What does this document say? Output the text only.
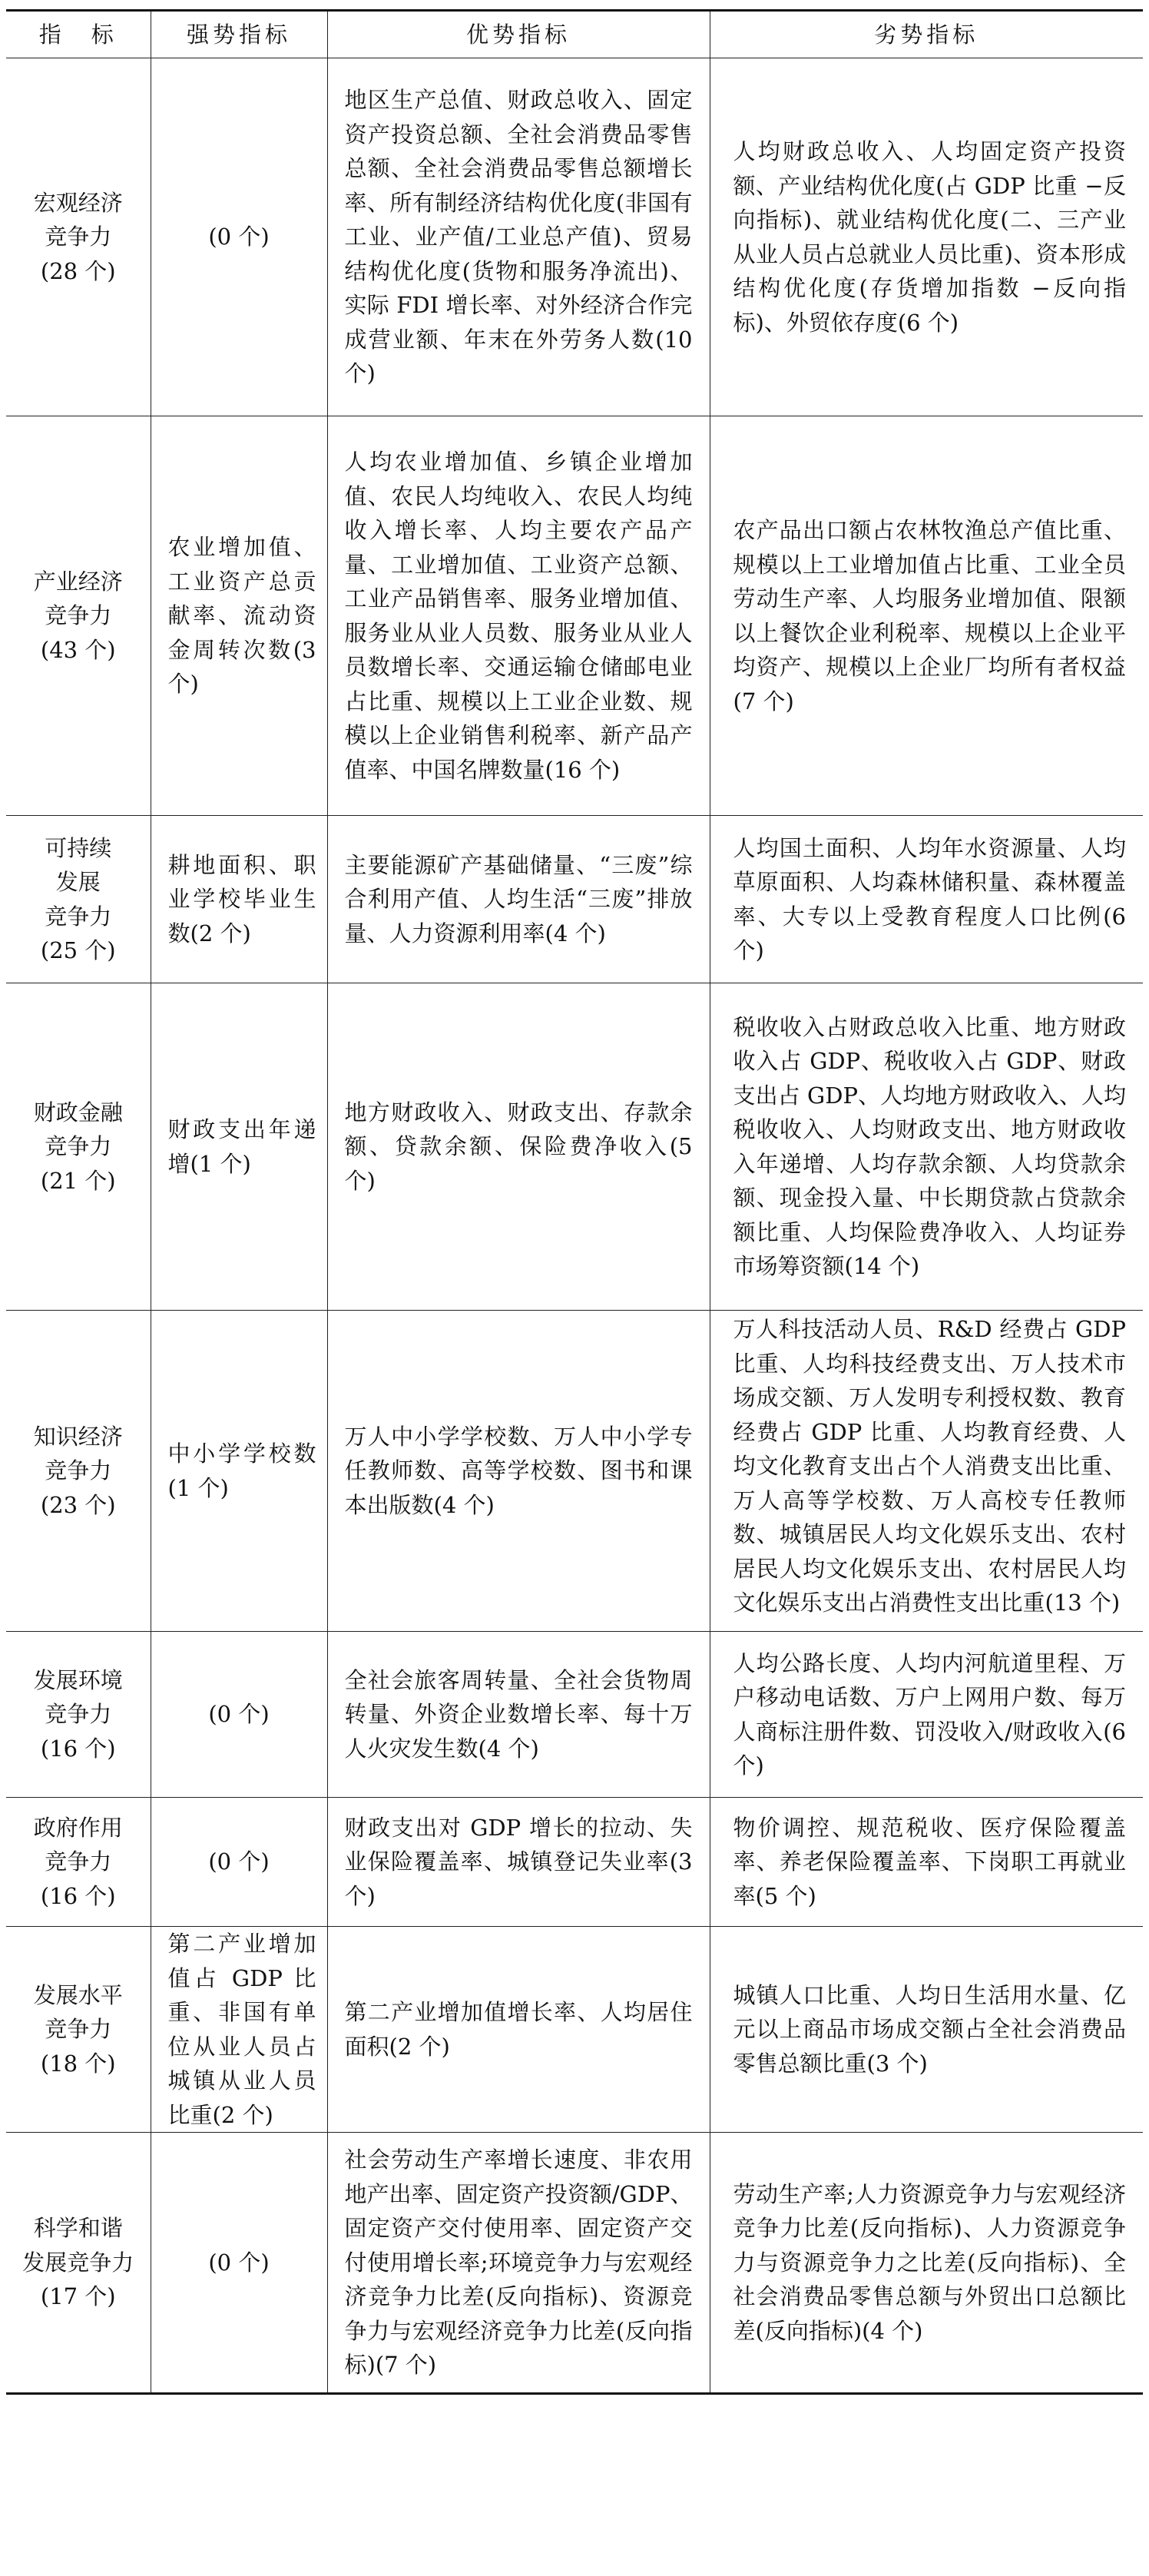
指　标	强势指标	优势指标	劣势指标

宏观经济
竞争力
(28 个)	(0 个)	地区生产总值、财政总收入、固定资产投资总额、全社会消费品零售总额、全社会消费品零售总额增长率、所有制经济结构优化度(非国有工业、业产值/工业总产值)、贸易结构优化度(货物和服务净流出)、实际 FDI 增长率、对外经济合作完成营业额、年末在外劳务人数(10 个)	人均财政总收入、人均固定资产投资额、产业结构优化度(占 GDP 比重 −反向指标)、就业结构优化度(二、三产业从业人员占总就业人员比重)、资本形成结构优化度(存货增加指数 −反向指标)、外贸依存度(6 个)

产业经济
竞争力
(43 个)	农业增加值、工业资产总贡献率、流动资金周转次数(3 个)	人均农业增加值、乡镇企业增加值、农民人均纯收入、农民人均纯收入增长率、人均主要农产品产量、工业增加值、工业资产总额、工业产品销售率、服务业增加值、服务业从业人员数、服务业从业人员数增长率、交通运输仓储邮电业占比重、规模以上工业企业数、规模以上企业销售利税率、新产品产值率、中国名牌数量(16 个)	农产品出口额占农林牧渔总产值比重、规模以上工业增加值占比重、工业全员劳动生产率、人均服务业增加值、限额以上餐饮企业利税率、规模以上企业平均资产、规模以上企业厂均所有者权益(7 个)

可持续
发展
竞争力
(25 个)	耕地面积、职业学校毕业生数(2 个)	主要能源矿产基础储量、“三废”综合利用产值、人均生活“三废”排放量、人力资源利用率(4 个)	人均国土面积、人均年水资源量、人均草原面积、人均森林储积量、森林覆盖率、大专以上受教育程度人口比例(6 个)

财政金融
竞争力
(21 个)	财政支出年递增(1 个)	地方财政收入、财政支出、存款余额、贷款余额、保险费净收入(5 个)	税收收入占财政总收入比重、地方财政收入占 GDP、税收收入占 GDP、财政支出占 GDP、人均地方财政收入、人均税收收入、人均财政支出、地方财政收入年递增、人均存款余额、人均贷款余额、现金投入量、中长期贷款占贷款余额比重、人均保险费净收入、人均证券市场筹资额(14 个)

知识经济
竞争力
(23 个)	中小学学校数(1 个)	万人中小学学校数、万人中小学专任教师数、高等学校数、图书和课本出版数(4 个)	万人科技活动人员、R&D 经费占 GDP 比重、人均科技经费支出、万人技术市场成交额、万人发明专利授权数、教育经费占 GDP 比重、人均教育经费、人均文化教育支出占个人消费支出比重、万人高等学校数、万人高校专任教师数、城镇居民人均文化娱乐支出、农村居民人均文化娱乐支出、农村居民人均文化娱乐支出占消费性支出比重(13 个)

发展环境
竞争力
(16 个)	(0 个)	全社会旅客周转量、全社会货物周转量、外资企业数增长率、每十万人火灾发生数(4 个)	人均公路长度、人均内河航道里程、万户移动电话数、万户上网用户数、每万人商标注册件数、罚没收入/财政收入(6 个)

政府作用
竞争力
(16 个)	(0 个)	财政支出对 GDP 增长的拉动、失业保险覆盖率、城镇登记失业率(3 个)	物价调控、规范税收、医疗保险覆盖率、养老保险覆盖率、下岗职工再就业率(5 个)

发展水平
竞争力
(18 个)	第二产业增加值占 GDP 比重、非国有单位从业人员占城镇从业人员比重(2 个)	第二产业增加值增长率、人均居住面积(2 个)	城镇人口比重、人均日生活用水量、亿元以上商品市场成交额占全社会消费品零售总额比重(3 个)

科学和谐
发展竞争力
(17 个)	(0 个)	社会劳动生产率增长速度、非农用地产出率、固定资产投资额/GDP、固定资产交付使用率、固定资产交付使用增长率;环境竞争力与宏观经济竞争力比差(反向指标)、资源竞争力与宏观经济竞争力比差(反向指标)(7 个)	劳动生产率;人力资源竞争力与宏观经济竞争力比差(反向指标)、人力资源竞争力与资源竞争力之比差(反向指标)、全社会消费品零售总额与外贸出口总额比差(反向指标)(4 个)
